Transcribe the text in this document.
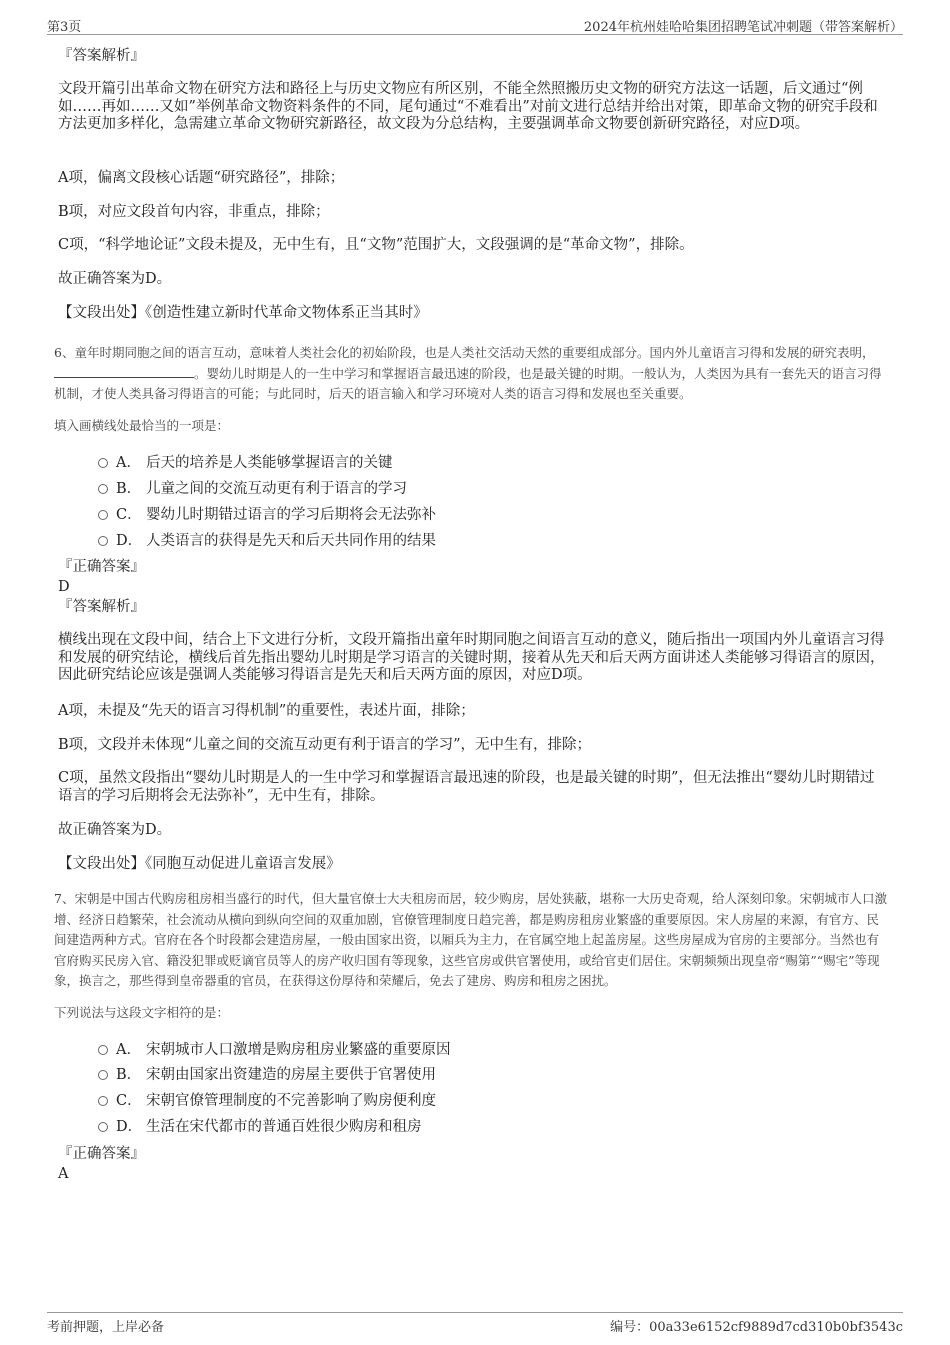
第3页	2024年杭州娃哈哈集团招聘笔试冲刺题（带答案解析）
『答案解析』
文段开篇引出革命文物在研究方法和路径上与历史文物应有所区别，不能全然照搬历史文物的研究方法这一话题，后文通过“例如……再如……又如”举例革命文物资料条件的不同，尾句通过“不难看出”对前文进行总结并给出对策，即革命文物的研究手段和方法更加多样化，急需建立革命文物研究新路径，故文段为分总结构，主要强调革命文物要创新研究路径，对应D项。
A项，偏离文段核心话题“研究路径”，排除；
B项，对应文段首句内容，非重点，排除；
C项，“科学地论证”文段未提及，无中生有，且“文物”范围扩大，文段强调的是“革命文物”，排除。
故正确答案为D。
【文段出处】《创造性建立新时代革命文物体系正当其时》
6、童年时期同胞之间的语言互动，意味着人类社会化的初始阶段，也是人类社交活动天然的重要组成部分。国内外儿童语言习得和发展的研究表明，。婴幼儿时期是人的一生中学习和掌握语言最迅速的阶段，也是最关键的时期。一般认为，人类因为具有一套先天的语言习得机制，才使人类具备习得语言的可能；与此同时，后天的语言输入和学习环境对人类的语言习得和发展也至关重要。
填入画横线处最恰当的一项是：
A． 后天的培养是人类能够掌握语言的关键
B． 儿童之间的交流互动更有利于语言的学习
C． 婴幼儿时期错过语言的学习后期将会无法弥补
D． 人类语言的获得是先天和后天共同作用的结果
『正确答案』
D
『答案解析』
横线出现在文段中间，结合上下文进行分析，文段开篇指出童年时期同胞之间语言互动的意义，随后指出一项国内外儿童语言习得和发展的研究结论，横线后首先指出婴幼儿时期是学习语言的关键时期，接着从先天和后天两方面讲述人类能够习得语言的原因，因此研究结论应该是强调人类能够习得语言是先天和后天两方面的原因，对应D项。
A项，未提及“先天的语言习得机制”的重要性，表述片面，排除；
B项，文段并未体现“儿童之间的交流互动更有利于语言的学习”，无中生有，排除；
C项，虽然文段指出“婴幼儿时期是人的一生中学习和掌握语言最迅速的阶段，也是最关键的时期”，但无法推出“婴幼儿时期错过语言的学习后期将会无法弥补”，无中生有，排除。
故正确答案为D。
【文段出处】《同胞互动促进儿童语言发展》
7、宋朝是中国古代购房租房相当盛行的时代，但大量官僚士大夫租房而居，较少购房，居处狭蔽，堪称一大历史奇观，给人深刻印象。宋朝城市人口激增、经济日趋繁荣，社会流动从横向到纵向空间的双重加剧，官僚管理制度日趋完善，都是购房租房业繁盛的重要原因。宋人房屋的来源，有官方、民间建造两种方式。官府在各个时段都会建造房屋，一般由国家出资，以厢兵为主力，在官属空地上起盖房屋。这些房屋成为官房的主要部分。当然也有官府购买民房入官、籍没犯罪或贬谪官员等人的房产收归国有等现象，这些官房或供官署使用，或给官吏们居住。宋朝频频出现皇帝“赐第”“赐宅”等现象，换言之，那些得到皇帝器重的官员，在获得这份厚待和荣耀后，免去了建房、购房和租房之困扰。
下列说法与这段文字相符的是：
A． 宋朝城市人口激增是购房租房业繁盛的重要原因
B． 宋朝由国家出资建造的房屋主要供于官署使用
C． 宋朝官僚管理制度的不完善影响了购房便利度
D． 生活在宋代都市的普通百姓很少购房和租房
『正确答案』
A
考前押题，上岸必备	编号：00a33e6152cf9889d7cd310b0bf3543c
